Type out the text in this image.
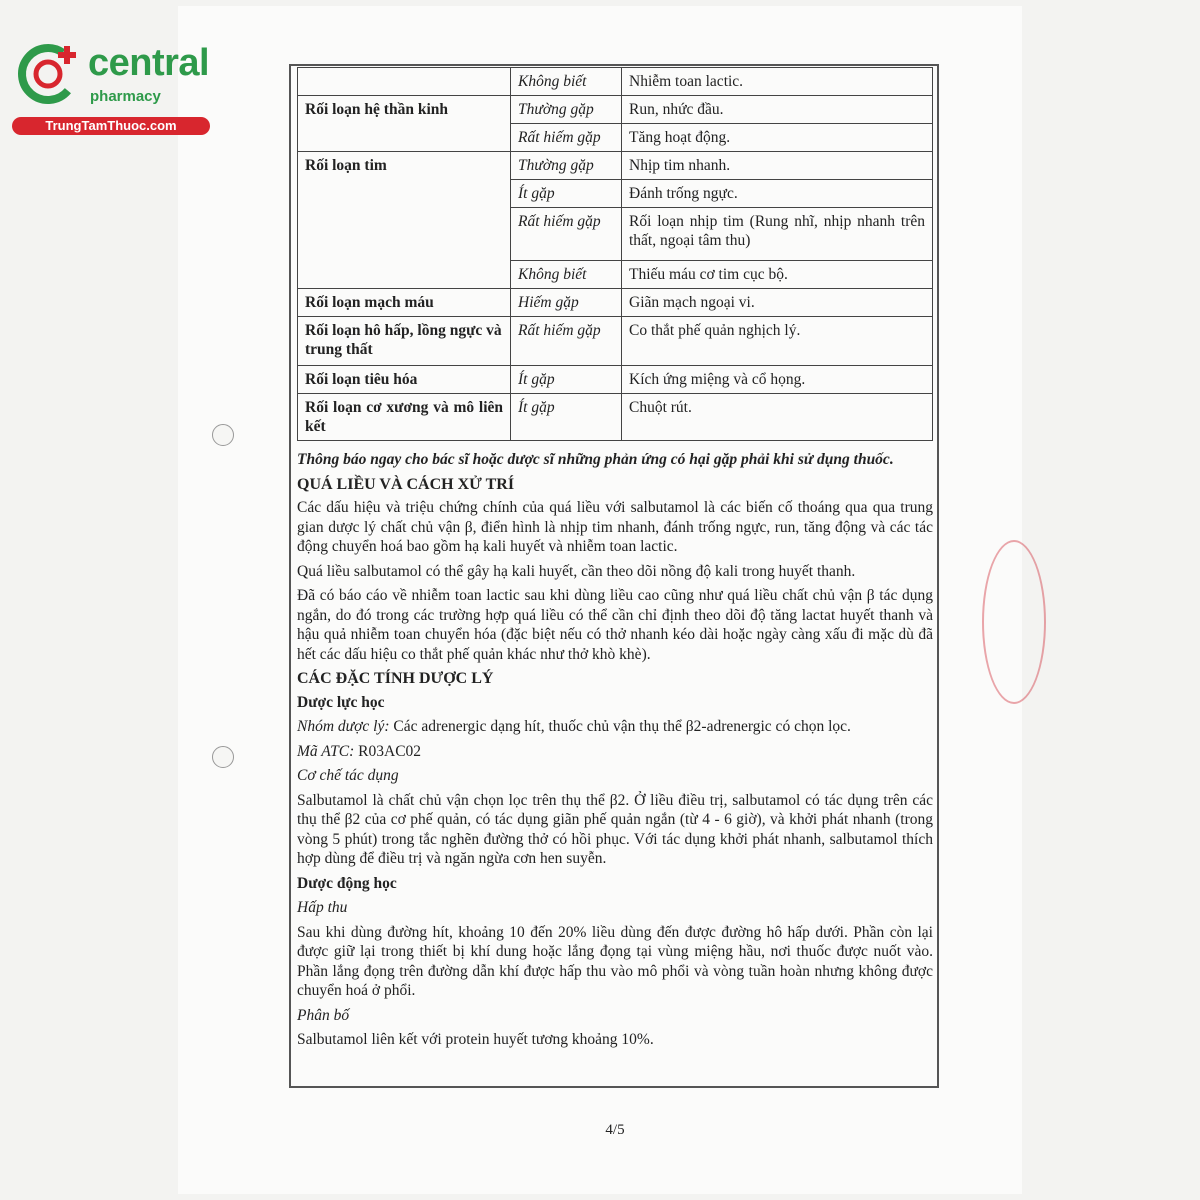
central
pharmacy
TrungTamThuoc.com
	Không biết	Nhiễm toan lactic.
Rối loạn hệ thần kinh	Thường gặp	Run, nhức đầu.
	Rất hiếm gặp	Tăng hoạt động.
Rối loạn tim	Thường gặp	Nhịp tim nhanh.
	Ít gặp	Đánh trống ngực.
	Rất hiếm gặp	Rối loạn nhịp tim (Rung nhĩ, nhịp nhanh trên thất, ngoại tâm thu)
	Không biết	Thiếu máu cơ tim cục bộ.
Rối loạn mạch máu	Hiếm gặp	Giãn mạch ngoại vi.
Rối loạn hô hấp, lồng ngực và trung thất	Rất hiếm gặp	Co thắt phế quản nghịch lý.
Rối loạn tiêu hóa	Ít gặp	Kích ứng miệng và cổ họng.
Rối loạn cơ xương và mô liên kết	Ít gặp	Chuột rút.

Thông báo ngay cho bác sĩ hoặc dược sĩ những phản ứng có hại gặp phải khi sử dụng thuốc.

QUÁ LIỀU VÀ CÁCH XỬ TRÍ

Các dấu hiệu và triệu chứng chính của quá liều với salbutamol là các biến cố thoáng qua qua trung gian dược lý chất chủ vận β, điển hình là nhịp tim nhanh, đánh trống ngực, run, tăng động và các tác động chuyển hoá bao gồm hạ kali huyết và nhiễm toan lactic.

Quá liều salbutamol có thể gây hạ kali huyết, cần theo dõi nồng độ kali trong huyết thanh.

Đã có báo cáo về nhiễm toan lactic sau khi dùng liều cao cũng như quá liều chất chủ vận β tác dụng ngắn, do đó trong các trường hợp quá liều có thể cần chỉ định theo dõi độ tăng lactat huyết thanh và hậu quả nhiễm toan chuyển hóa (đặc biệt nếu có thở nhanh kéo dài hoặc ngày càng xấu đi mặc dù đã hết các dấu hiệu co thắt phế quản khác như thở khò khè).

CÁC ĐẶC TÍNH DƯỢC LÝ
Dược lực học

Nhóm dược lý: Các adrenergic dạng hít, thuốc chủ vận thụ thể β2-adrenergic có chọn lọc.

Mã ATC: R03AC02

Cơ chế tác dụng

Salbutamol là chất chủ vận chọn lọc trên thụ thể β2. Ở liều điều trị, salbutamol có tác dụng trên các thụ thể β2 của cơ phế quản, có tác dụng giãn phế quản ngắn (từ 4 - 6 giờ), và khởi phát nhanh (trong vòng 5 phút) trong tắc nghẽn đường thở có hồi phục. Với tác dụng khởi phát nhanh, salbutamol thích hợp dùng để điều trị và ngăn ngừa cơn hen suyễn.

Dược động học

Hấp thu

Sau khi dùng đường hít, khoảng 10 đến 20% liều dùng đến được đường hô hấp dưới. Phần còn lại được giữ lại trong thiết bị khí dung hoặc lắng đọng tại vùng miệng hầu, nơi thuốc được nuốt vào. Phần lắng đọng trên đường dẫn khí được hấp thu vào mô phổi và vòng tuần hoàn nhưng không được chuyển hoá ở phổi.

Phân bố

Salbutamol liên kết với protein huyết tương khoảng 10%.

4/5
